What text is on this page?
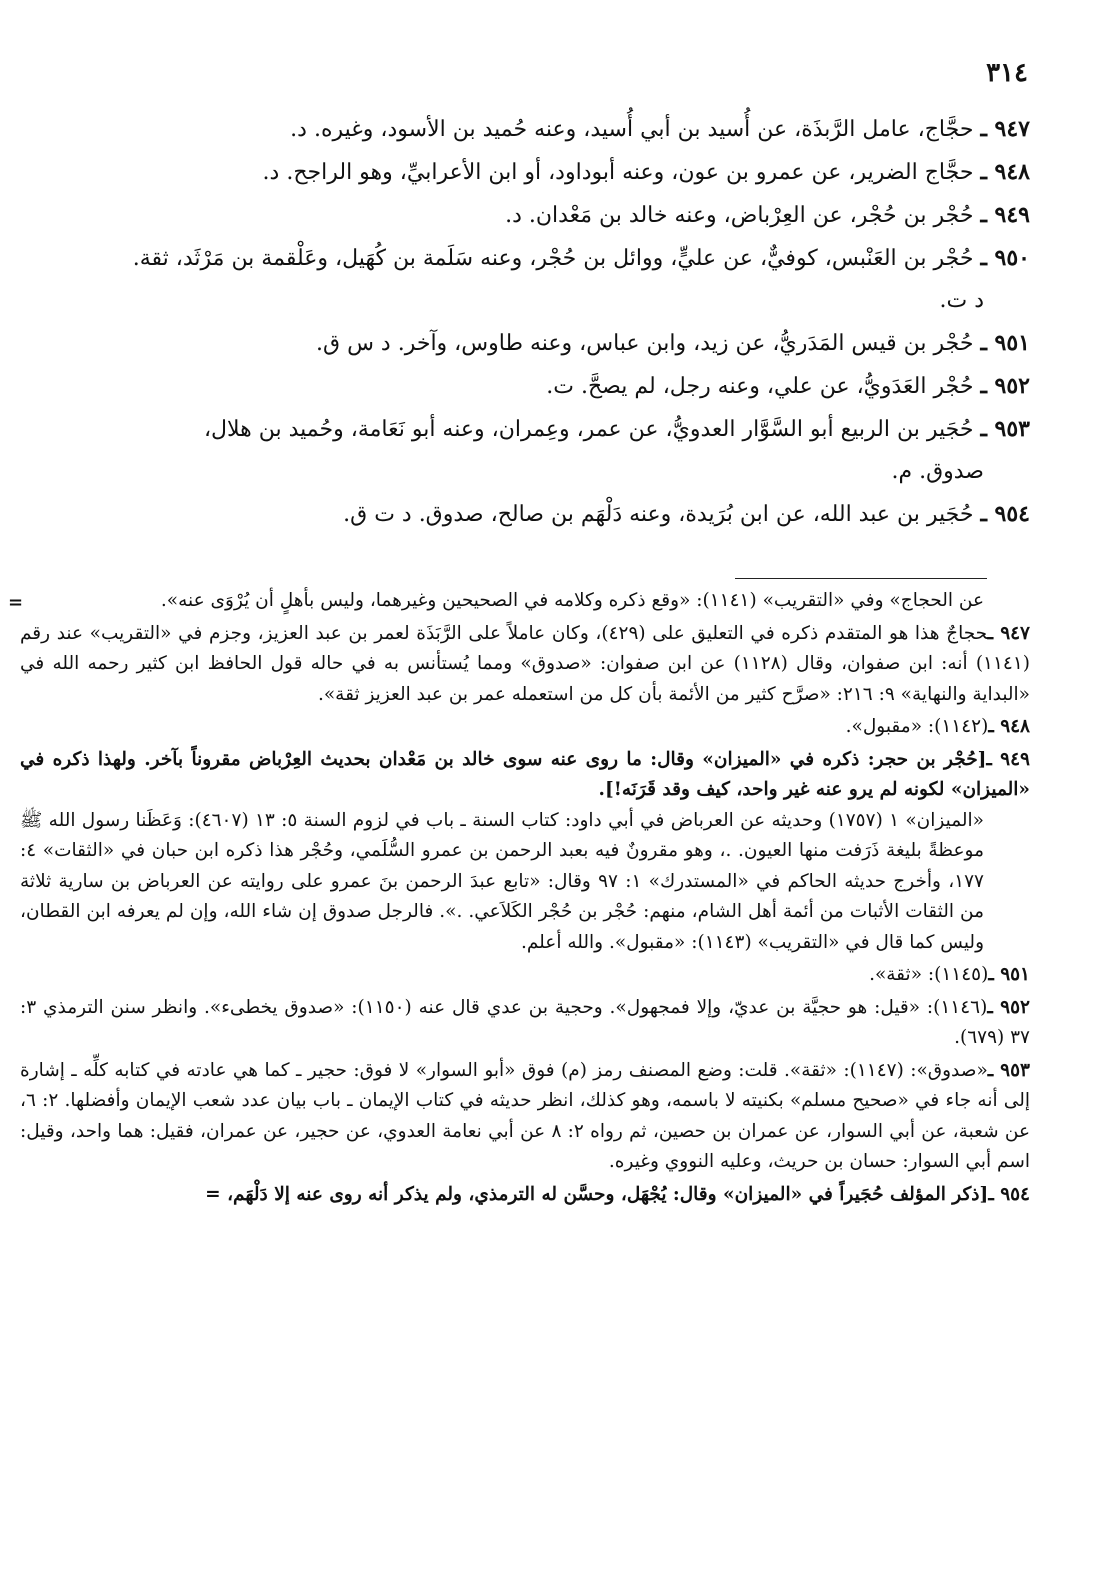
٣١٤

٩٤٧ ـ حجَّاج، عامل الرَّبذَة، عن أُسيد بن أبي أُسيد، وعنه حُميد بن الأسود، وغيره. د.

٩٤٨ ـ حجَّاج الضرير، عن عمرو بن عون، وعنه أبوداود، أو ابن الأعرابيِّ، وهو الراجح. د.

٩٤٩ ـ حُجْر بن حُجْر، عن العِرْباض، وعنه خالد بن مَعْدان. د.

٩٥٠ ـ حُجْر بن العَنْبس، كوفيٌّ، عن عليٍّ، ووائل بن حُجْر، وعنه سَلَمة بن كُهَيل، وعَلْقمة بن مَرْثَد، ثقة.
د ت.

٩٥١ ـ حُجْر بن قيس المَدَريُّ، عن زيد، وابن عباس، وعنه طاوس، وآخر. د س ق.

٩٥٢ ـ حُجْر العَدَويُّ، عن علي، وعنه رجل، لم يصحَّ. ت.

٩٥٣ ـ حُجَير بن الربيع أبو السَّوَّار العدويُّ، عن عمر، وعِمران، وعنه أبو نَعَامة، وحُميد بن هلال،
صدوق. م.

٩٥٤ ـ حُجَير بن عبد الله، عن ابن بُرَيدة، وعنه دَلْهَم بن صالح، صدوق. د ت ق.

=	عن الحجاج» وفي «التقريب» (١١٤١): «وقع ذكره وكلامه في الصحيحين وغيرهما، وليس بأهلٍ أن يُرْوَى عنه».

٩٤٧ ـحجاجٌ هذا هو المتقدم ذكره في التعليق على (٤٢٩)، وكان عاملاً على الرَّبَذَة لعمر بن عبد العزيز، وجزم في «التقريب» عند رقم (١١٤١) أنه: ابن صفوان، وقال (١١٢٨) عن ابن صفوان: «صدوق» ومما يُستأنس به في حاله قول الحافظ ابن كثير رحمه الله في «البداية والنهاية» ٩: ٢١٦: «صرَّح كثير من الأئمة بأن كل من استعمله عمر بن عبد العزيز ثقة».

٩٤٨ ـ(١١٤٢): «مقبول».

٩٤٩ ـ[حُجْر بن حجر: ذكره في «الميزان» وقال: ما روى عنه سوى خالد بن مَعْدان بحديث العِرْباض مقروناً بآخر. ولهذا ذكره في «الميزان» لكونه لم يرو عنه غير واحد، كيف وقد قَرَنَه!].
«الميزان» ١ (١٧٥٧) وحديثه عن العرباض في أبي داود: كتاب السنة ـ باب في لزوم السنة ٥: ١٣ (٤٦٠٧): وَعَظَنا رسول الله ﷺ موعظةً بليغة ذَرَفت منها العيون. .، وهو مقرونٌ فيه بعبد الرحمن بن عمرو السُّلَمي، وحُجْر هذا ذكره ابن حبان في «الثقات» ٤: ١٧٧، وأخرج حديثه الحاكم في «المستدرك» ١: ٩٧ وقال: «تابع عبدَ الرحمن بنَ عمرو على روايته عن العرباض بن سارية ثلاثة من الثقات الأثبات من أئمة أهل الشام، منهم: حُجْر بن حُجْر الكَلاَعي. .». فالرجل صدوق إن شاء الله، وإن لم يعرفه ابن القطان، وليس كما قال في «التقريب» (١١٤٣): «مقبول». والله أعلم.

٩٥١ ـ(١١٤٥): «ثقة».

٩٥٢ ـ(١١٤٦): «قيل: هو حجيَّة بن عديّ، وإلا فمجهول». وحجية بن عدي قال عنه (١١٥٠): «صدوق يخطىء». وانظر سنن الترمذي ٣: ٣٧ (٦٧٩).

٩٥٣ ـ«صدوق»: (١١٤٧): «ثقة». قلت: وضع المصنف رمز (م) فوق «أبو السوار» لا فوق: حجير ـ كما هي عادته في كتابه كلِّه ـ إشارة إلى أنه جاء في «صحيح مسلم» بكنيته لا باسمه، وهو كذلك، انظر حديثه في كتاب الإيمان ـ باب بيان عدد شعب الإيمان وأفضلها. ٢: ٦، عن شعبة، عن أبي السوار، عن عمران بن حصين، ثم رواه ٢: ٨ عن أبي نعامة العدوي، عن حجير، عن عمران، فقيل: هما واحد، وقيل: اسم أبي السوار: حسان بن حريث، وعليه النووي وغيره.

٩٥٤ ـ[ذكر المؤلف حُجَيراً في «الميزان» وقال: يُجْهَل، وحسَّن له الترمذي، ولم يذكر أنه روى عنه إلا دَلْهَم، =
